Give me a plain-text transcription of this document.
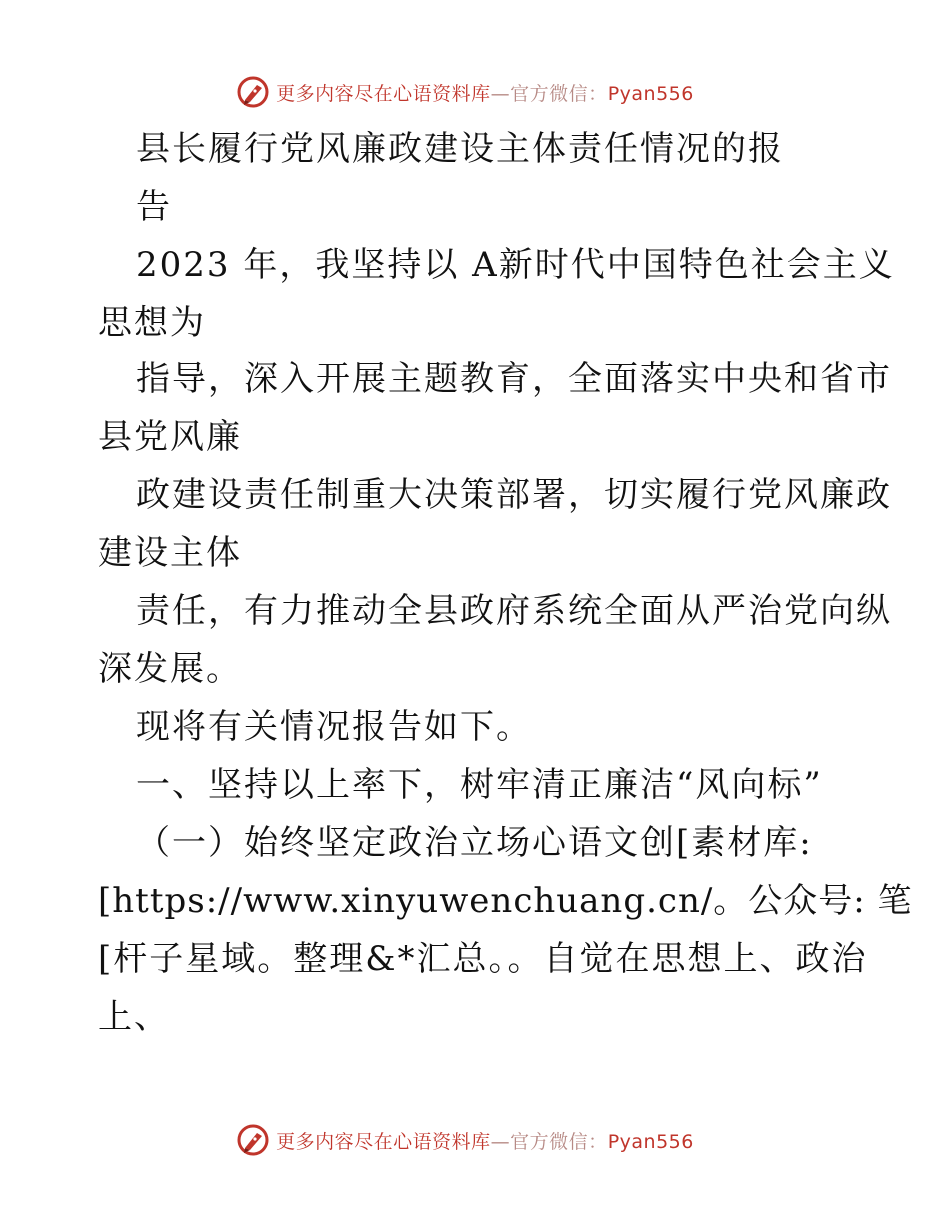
更多内容尽在心语资料库—官方微信：Pyan556
县长履行党风廉政建设主体责任情况的报
告
2023 年，我坚持以 A新时代中国特色社会主义
思想为
指导，深入开展主题教育，全面落实中央和省市
县党风廉
政建设责任制重大决策部署，切实履行党风廉政
建设主体
责任，有力推动全县政府系统全面从严治党向纵
深发展。
现将有关情况报告如下。
一、坚持以上率下，树牢清正廉洁“风向标”
（一）始终坚定政治立场心语文创[素材库:
[https://www.xinyuwenchuang.cn/。公众号: 笔
[杆子星域。整理&*汇总。。自觉在思想上、政治
上、
更多内容尽在心语资料库—官方微信：Pyan556
